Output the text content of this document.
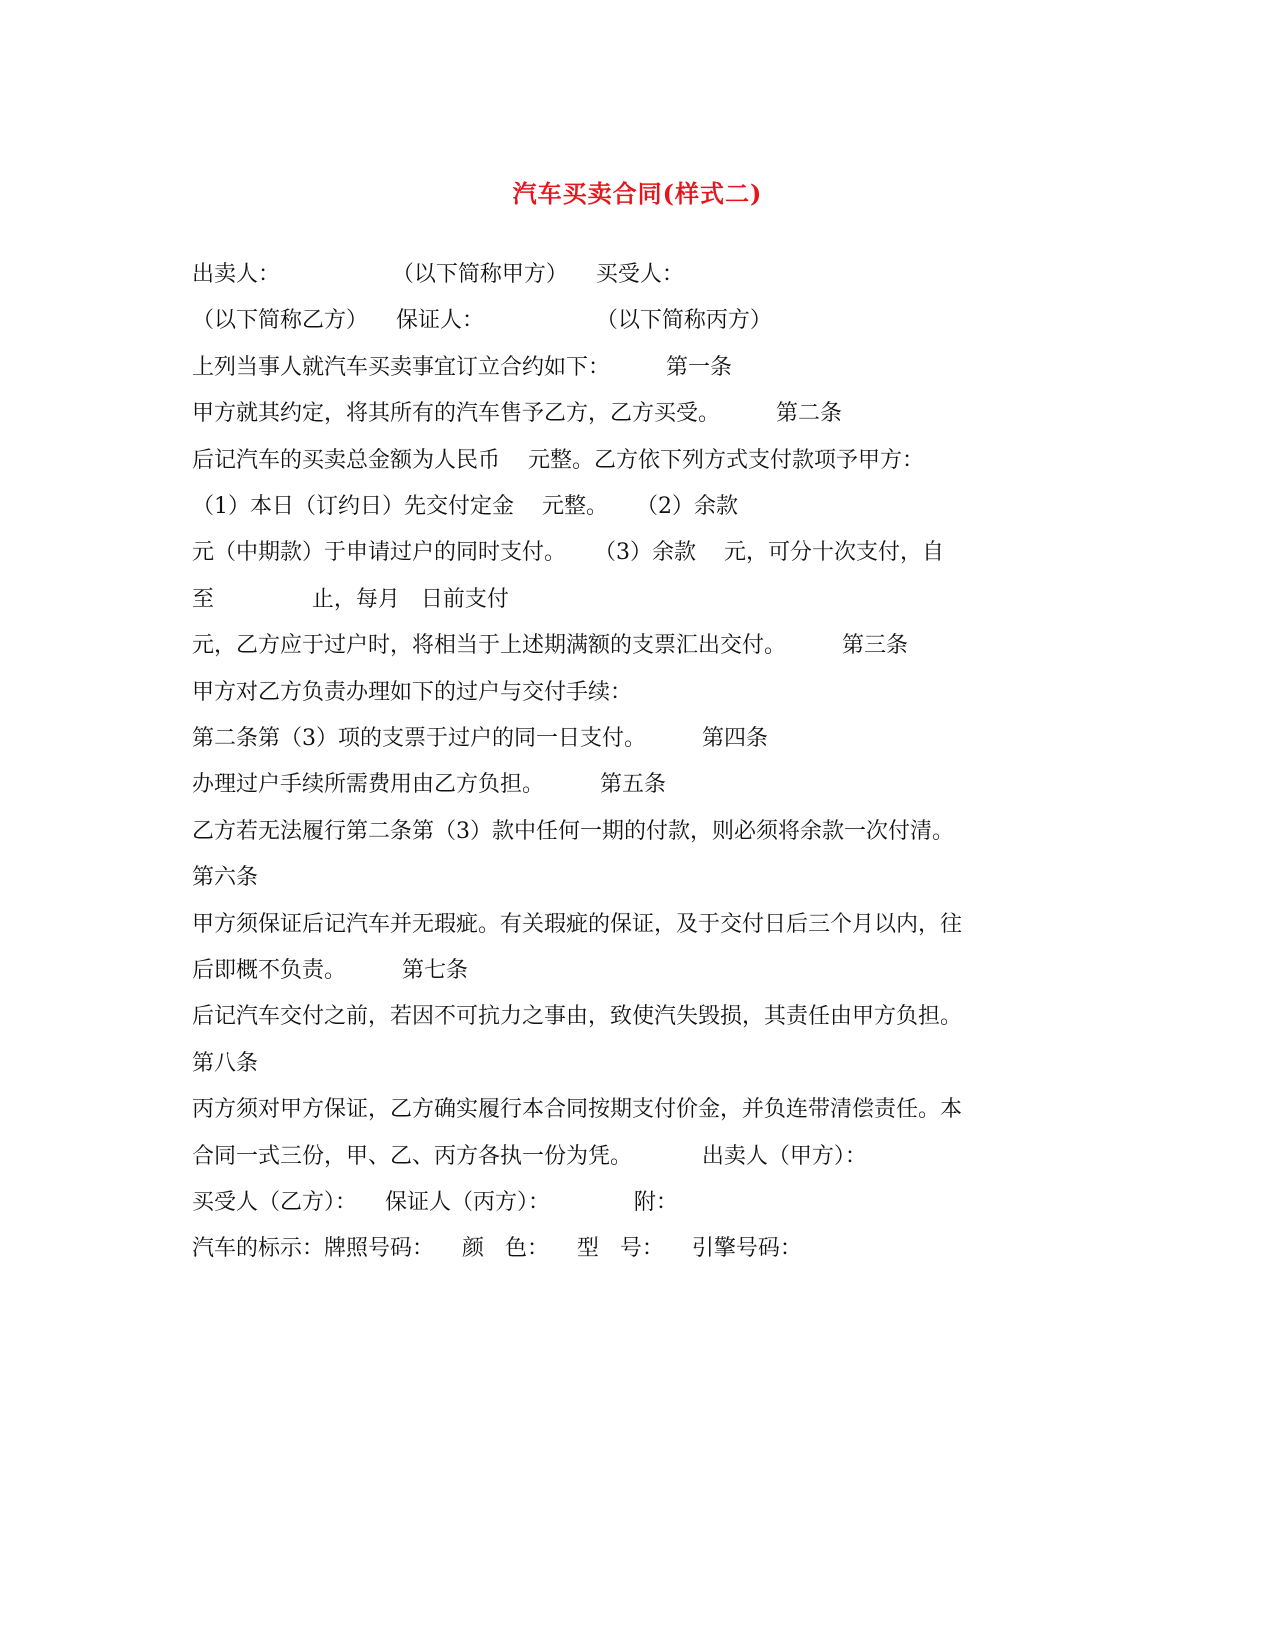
汽车买卖合同(样式二)
出卖人：                （以下简称甲方）    买受人：
（以下简称乙方）    保证人：                （以下简称丙方）
上列当事人就汽车买卖事宜订立合约如下：        第一条
甲方就其约定，将其所有的汽车售予乙方，乙方买受。        第二条
后记汽车的买卖总金额为人民币    元整。乙方依下列方式支付款项予甲方：
（1）本日（订约日）先交付定金    元整。    （2）余款
元（中期款）于申请过户的同时支付。    （3）余款    元，可分十次支付，自
至              止，每月   日前支付
元，乙方应于过户时，将相当于上述期满额的支票汇出交付。        第三条
甲方对乙方负责办理如下的过户与交付手续：
第二条第（3）项的支票于过户的同一日支付。        第四条
办理过户手续所需费用由乙方负担。        第五条
乙方若无法履行第二条第（3）款中任何一期的付款，则必须将余款一次付清。
第六条
甲方须保证后记汽车并无瑕疵。有关瑕疵的保证，及于交付日后三个月以内，往
后即概不负责。        第七条
后记汽车交付之前，若因不可抗力之事由，致使汽失毁损，其责任由甲方负担。
第八条
丙方须对甲方保证，乙方确实履行本合同按期支付价金，并负连带清偿责任。本
合同一式三份，甲、乙、丙方各执一份为凭。          出卖人（甲方）：
买受人（乙方）：    保证人（丙方）：            附：
汽车的标示：牌照号码：    颜   色：    型   号：    引擎号码：
